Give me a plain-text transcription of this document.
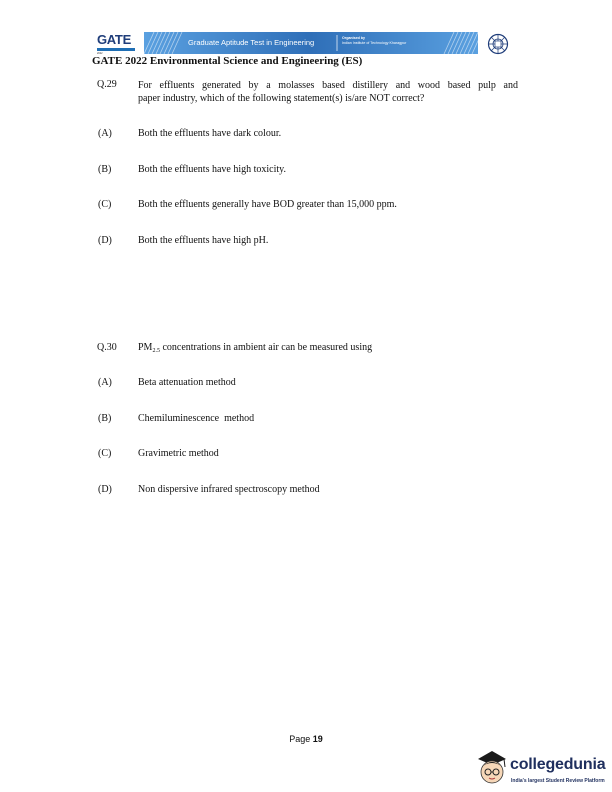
GATE
2022
Graduate Aptitude Test in Engineering	Organised by
Indian Institute of Technology Kharagpur
GATE 2022 Environmental Science and Engineering (ES)
Q.29 For effluents generated by a molasses based distillery and wood based pulp and
paper industry, which of the following statement(s) is/are NOT correct?
(A)	Both the effluents have dark colour.
(B)	Both the effluents have high toxicity.
(C)	Both the effluents generally have BOD greater than 15,000 ppm.
(D)	Both the effluents have high pH.
Q.30 $PM_{2.5}$ concentrations in ambient air can be measured using
(A)	Beta attenuation method
(B)	Chemiluminescence  method
(C)	Gravimetric method
(D)	Non dispersive infrared spectroscopy method
Page 19
collegedunia
India's largest Student Review Platform
